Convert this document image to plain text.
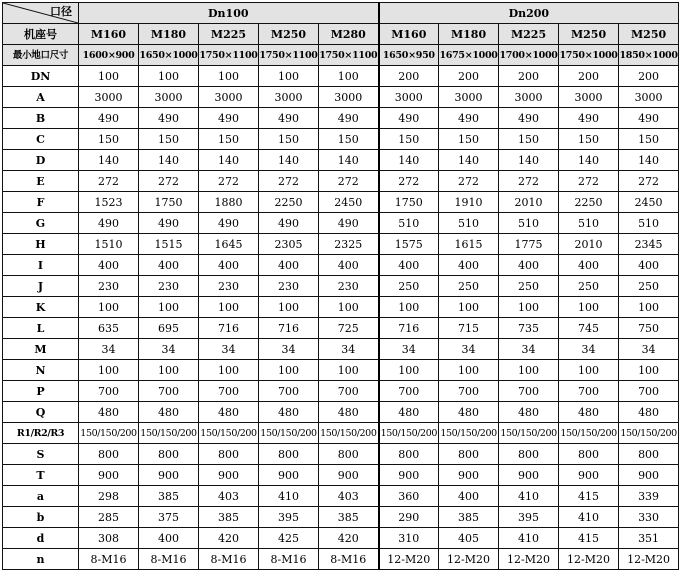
口径	Dn100					Dn200				
机座号	M160	M180	M225	M250	M280	M160	M180	M225	M250	M250
最小地口尺寸	1600×900	1650×1000	1750×1100	1750×1100	1750×1100	1650×950	1675×1000	1700×1000	1750×1000	1850×1000
DN	100	100	100	100	100	200	200	200	200	200
A	3000	3000	3000	3000	3000	3000	3000	3000	3000	3000
B	490	490	490	490	490	490	490	490	490	490
C	150	150	150	150	150	150	150	150	150	150
D	140	140	140	140	140	140	140	140	140	140
E	272	272	272	272	272	272	272	272	272	272
F	1523	1750	1880	2250	2450	1750	1910	2010	2250	2450
G	490	490	490	490	490	510	510	510	510	510
H	1510	1515	1645	2305	2325	1575	1615	1775	2010	2345
I	400	400	400	400	400	400	400	400	400	400
J	230	230	230	230	230	250	250	250	250	250
K	100	100	100	100	100	100	100	100	100	100
L	635	695	716	716	725	716	715	735	745	750
M	34	34	34	34	34	34	34	34	34	34
N	100	100	100	100	100	100	100	100	100	100
P	700	700	700	700	700	700	700	700	700	700
Q	480	480	480	480	480	480	480	480	480	480
R1/R2/R3	150/150/200	150/150/200	150/150/200	150/150/200	150/150/200	150/150/200	150/150/200	150/150/200	150/150/200	150/150/200
S	800	800	800	800	800	800	800	800	800	800
T	900	900	900	900	900	900	900	900	900	900
a	298	385	403	410	403	360	400	410	415	339
b	285	375	385	395	385	290	385	395	410	330
d	308	400	420	425	420	310	405	410	415	351
n	8-M16	8-M16	8-M16	8-M16	8-M16	12-M20	12-M20	12-M20	12-M20	12-M20
